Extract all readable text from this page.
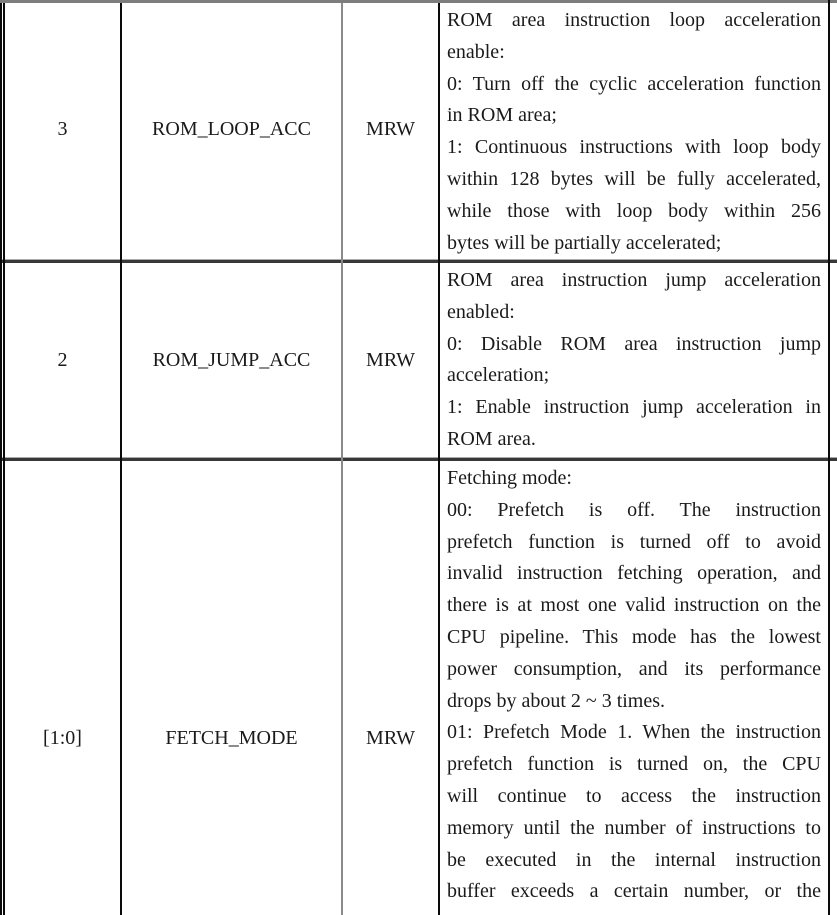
3	ROM_LOOP_ACC	MRW
ROM area instruction loop acceleration
enable:
0: Turn off the cyclic acceleration function
in ROM area;
1: Continuous instructions with loop body
within 128 bytes will be fully accelerated,
while those with loop body within 256
bytes will be partially accelerated;
2	ROM_JUMP_ACC	MRW
ROM area instruction jump acceleration
enabled:
0: Disable ROM area instruction jump
acceleration;
1: Enable instruction jump acceleration in
ROM area.
[1:0]	FETCH_MODE	MRW
Fetching mode:
00: Prefetch is off. The instruction
prefetch function is turned off to avoid
invalid instruction fetching operation, and
there is at most one valid instruction on the
CPU pipeline. This mode has the lowest
power consumption, and its performance
drops by about 2 ~ 3 times.
01: Prefetch Mode 1. When the instruction
prefetch function is turned on, the CPU
will continue to access the instruction
memory until the number of instructions to
be executed in the internal instruction
buffer exceeds a certain number, or the
